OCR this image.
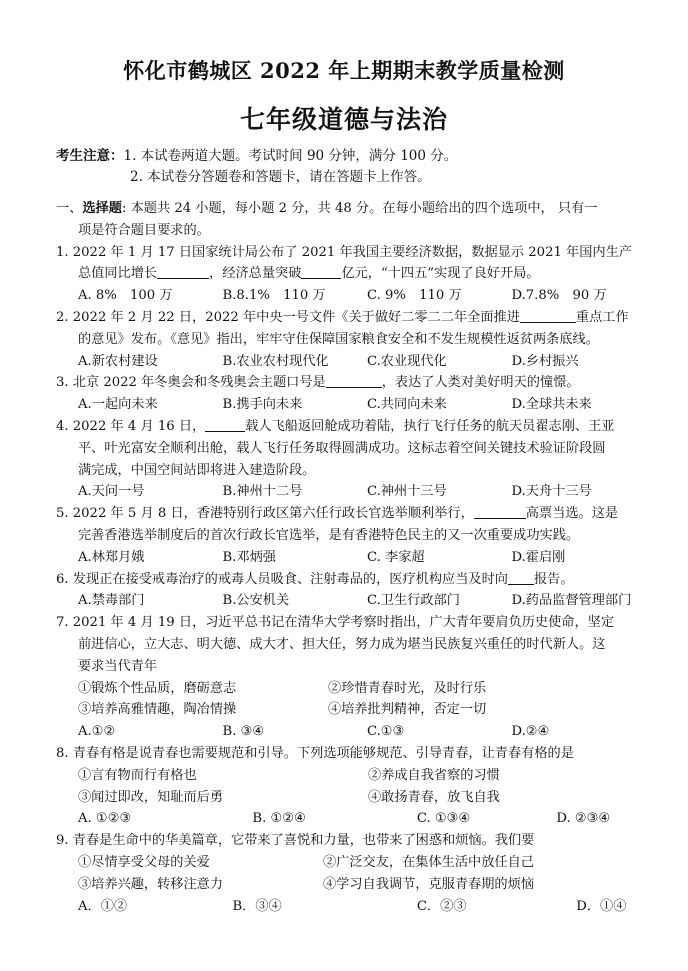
怀化市鹤城区 2022 年上期期末教学质量检测
七年级道德与法治
考生注意：1. 本试卷两道大题。考试时间 90 分钟，满分 100 分。
2. 本试卷分答题卷和答题卡，请在答题卡上作答。
一、选择题: 本题共 24 小题，每小题 2 分，共 48 分。在每小题给出的四个选项中， 只有一
项是符合题目要求的。
1. 2022 年 1 月 17 日国家统计局公布了 2021 年我国主要经济数据，数据显示 2021 年国内生产
总值同比增长	，经济总量突破	亿元，“十四五”实现了良好开局。
A. 8%　100 万	B.8.1%　110 万	C. 9%　110 万	D.7.8%　90 万
2. 2022 年 2 月 22 日，2022 年中央一号文件《关于做好二零二二年全面推进	重点工作
的意见》发布。《意见》指出，牢牢守住保障国家粮食安全和不发生规模性返贫两条底线。
A.新农村建设	B.农业农村现代化	C.农业现代化	D.乡村振兴
3. 北京 2022 年冬奥会和冬残奥会主题口号是	，表达了人类对美好明天的憧憬。
A.一起向未来	B.携手向未来	C.共同向未来	D.全球共未来
4. 2022 年 4 月 16 日，	载人飞船返回舱成功着陆，执行飞行任务的航天员翟志刚、王亚
平、叶光富安全顺利出舱，载人飞行任务取得圆满成功。这标志着空间关键技术验证阶段圆
满完成，中国空间站即将进入建造阶段。
A.天问一号	B.神州十二号	C.神州十三号	D.天舟十三号
5. 2022 年 5 月 8 日，香港特别行政区第六任行政长官选举顺利举行，	高票当选。这是
完善香港选举制度后的首次行政长官选举，是有香港特色民主的又一次重要成功实践。
A.林郑月娥	B.邓炳强	C. 李家超	D.霍启刚
6. 发现正在接受戒毒治疗的戒毒人员吸食、注射毒品的，医疗机构应当及时向 报告。
A.禁毒部门	B.公安机关	C.卫生行政部门	D.药品监督管理部门
7. 2021 年 4 月 19 日，习近平总书记在清华大学考察时指出，广大青年要肩负历史使命，坚定
前进信心，立大志、明大德、成大才、担大任，努力成为堪当民族复兴重任的时代新人。这
要求当代青年
①锻炼个性品质，磨砺意志	②珍惜青春时光，及时行乐
③培养高雅情趣，陶冶情操	④培养批判精神，否定一切
A.①②	B. ③④	C.①③	D.②④
8. 青春有格是说青春也需要规范和引导。下列选项能够规范、引导青春，让青春有格的是
①言有物而行有格也	②养成自我省察的习惯
③闻过即改，知耻而后勇	④敢扬青春，放飞自我
A. ①②③	B. ①②④	C. ①③④	D. ②③④
9. 青春是生命中的华美篇章，它带来了喜悦和力量，也带来了困惑和烦恼。我们要
①尽情享受父母的关爱	②广泛交友，在集体生活中放任自己
③培养兴趣，转移注意力	④学习自我调节，克服青春期的烦恼
A．①②	B．③④	C．②③	D．①④
